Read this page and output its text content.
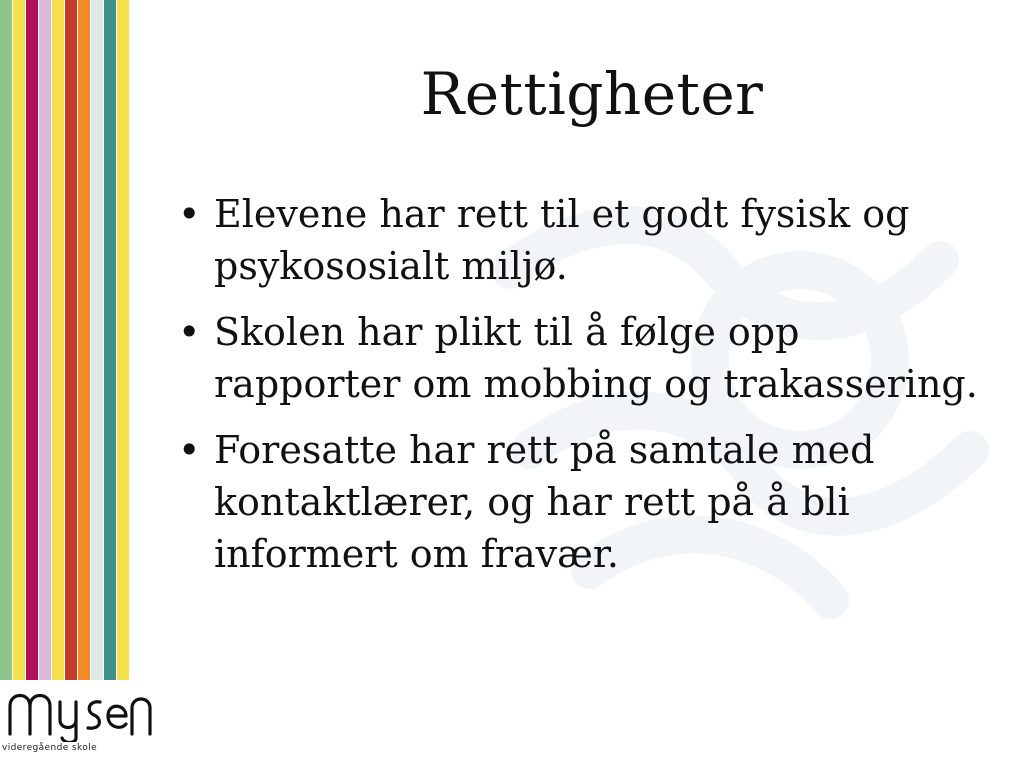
Rettigheter
• Elevene har rett til et godt fysisk og psykososialt miljø.
• Skolen har plikt til å følge opp rapporter om mobbing og trakassering.
• Foresatte har rett på samtale med kontaktlærer, og har rett på å bli informert om fravær.
videregående skole
